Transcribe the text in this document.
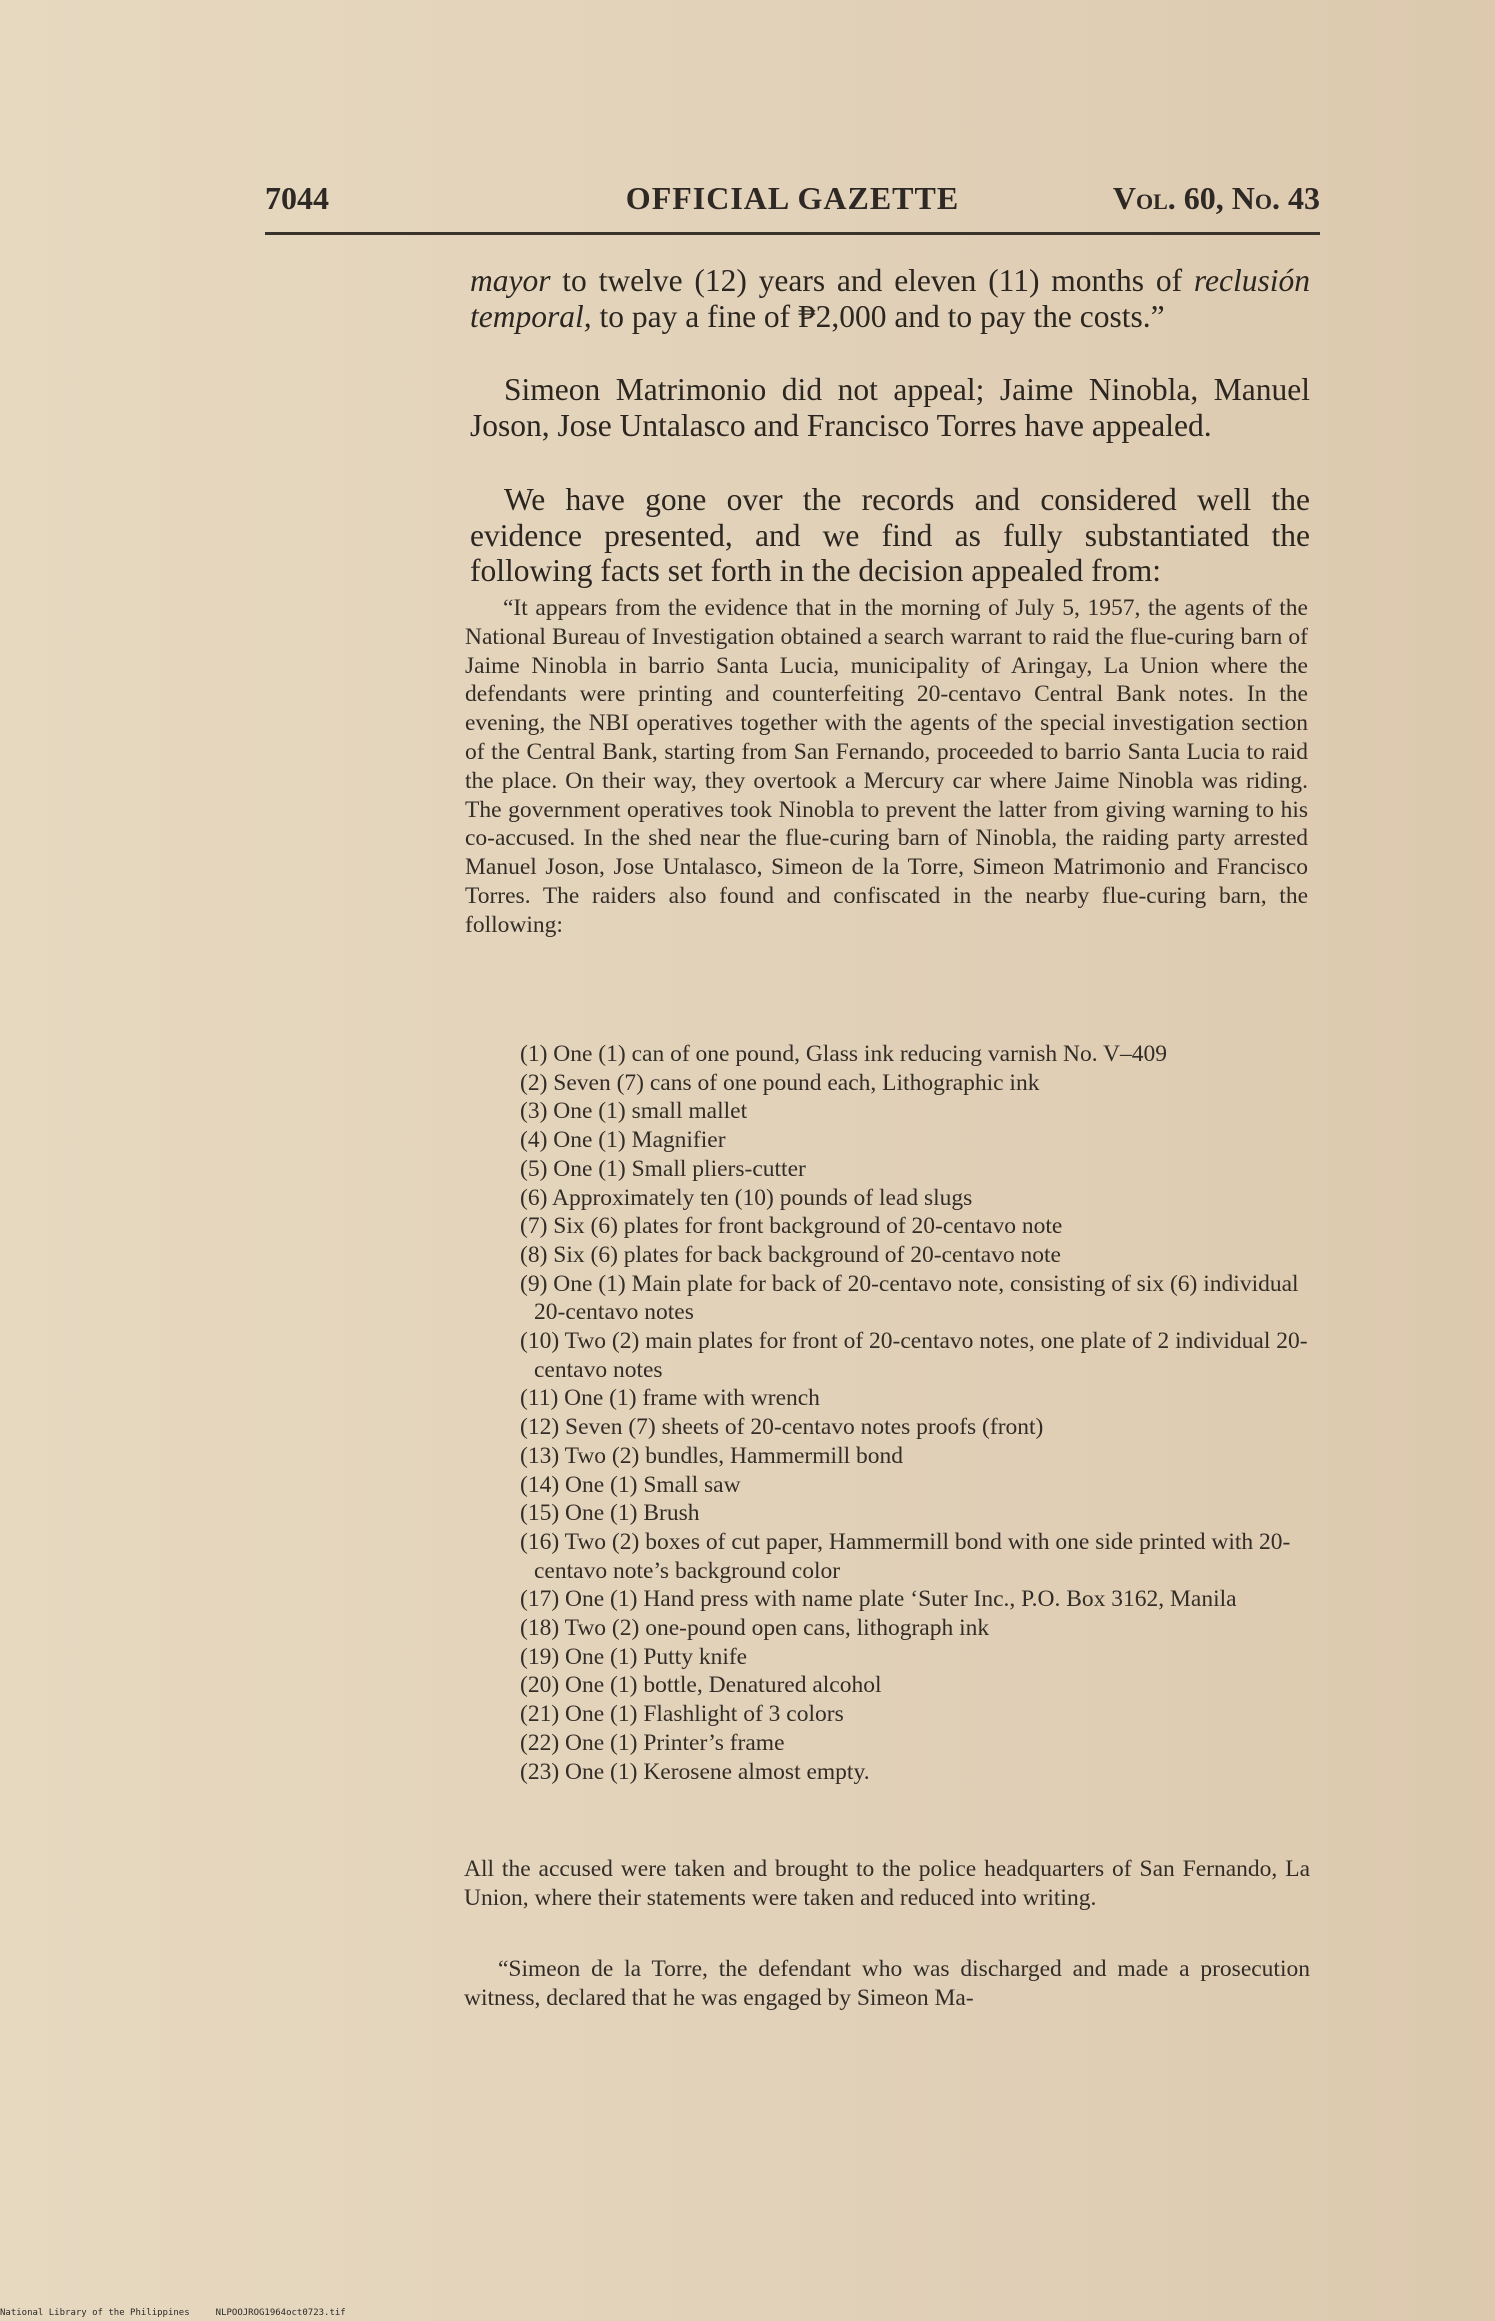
7044	OFFICIAL GAZETTE	Vol. 60, No. 43

mayor to twelve (12) years and eleven (11) months of reclusión temporal, to pay a fine of ₱2,000 and to pay the costs.”

Simeon Matrimonio did not appeal; Jaime Ninobla, Manuel Joson, Jose Untalasco and Francisco Torres have appealed.

We have gone over the records and considered well the evidence presented, and we find as fully substantiated the following facts set forth in the decision appealed from:

“It appears from the evidence that in the morning of July 5, 1957, the agents of the National Bureau of Investigation obtained a search warrant to raid the flue-curing barn of Jaime Ninobla in barrio Santa Lucia, municipality of Aringay, La Union where the defendants were printing and counterfeiting 20-centavo Central Bank notes. In the evening, the NBI operatives together with the agents of the special investigation section of the Central Bank, starting from San Fernando, proceeded to barrio Santa Lucia to raid the place. On their way, they overtook a Mercury car where Jaime Ninobla was riding. The government operatives took Ninobla to prevent the latter from giving warning to his co-accused. In the shed near the flue-curing barn of Ninobla, the raiding party arrested Manuel Joson, Jose Untalasco, Simeon de la Torre, Simeon Matrimonio and Francisco Torres. The raiders also found and confiscated in the nearby flue-curing barn, the following:

(1) One (1) can of one pound, Glass ink reducing varnish No. V–409

(2) Seven (7) cans of one pound each, Lithographic ink

(3) One (1) small mallet

(4) One (1) Magnifier

(5) One (1) Small pliers-cutter

(6) Approximately ten (10) pounds of lead slugs

(7) Six (6) plates for front background of 20-centavo note

(8) Six (6) plates for back background of 20-centavo note

(9) One (1) Main plate for back of 20-centavo note, consisting of six (6) individual 20-centavo notes

(10) Two (2) main plates for front of 20-centavo notes, one plate of 2 individual 20-centavo notes

(11) One (1) frame with wrench

(12) Seven (7) sheets of 20-centavo notes proofs (front)

(13) Two (2) bundles, Hammermill bond

(14) One (1) Small saw

(15) One (1) Brush

(16) Two (2) boxes of cut paper, Hammermill bond with one side printed with 20-centavo note’s background color

(17) One (1) Hand press with name plate ‘Suter Inc., P.O. Box 3162, Manila

(18) Two (2) one-pound open cans, lithograph ink

(19) One (1) Putty knife

(20) One (1) bottle, Denatured alcohol

(21) One (1) Flashlight of 3 colors

(22) One (1) Printer’s frame

(23) One (1) Kerosene almost empty.

All the accused were taken and brought to the police headquarters of San Fernando, La Union, where their statements were taken and reduced into writing.

“Simeon de la Torre, the defendant who was discharged and made a prosecution witness, declared that he was engaged by Simeon Ma-

National Library of the Philippines	NLPOOJROG1964oct0723.tif
